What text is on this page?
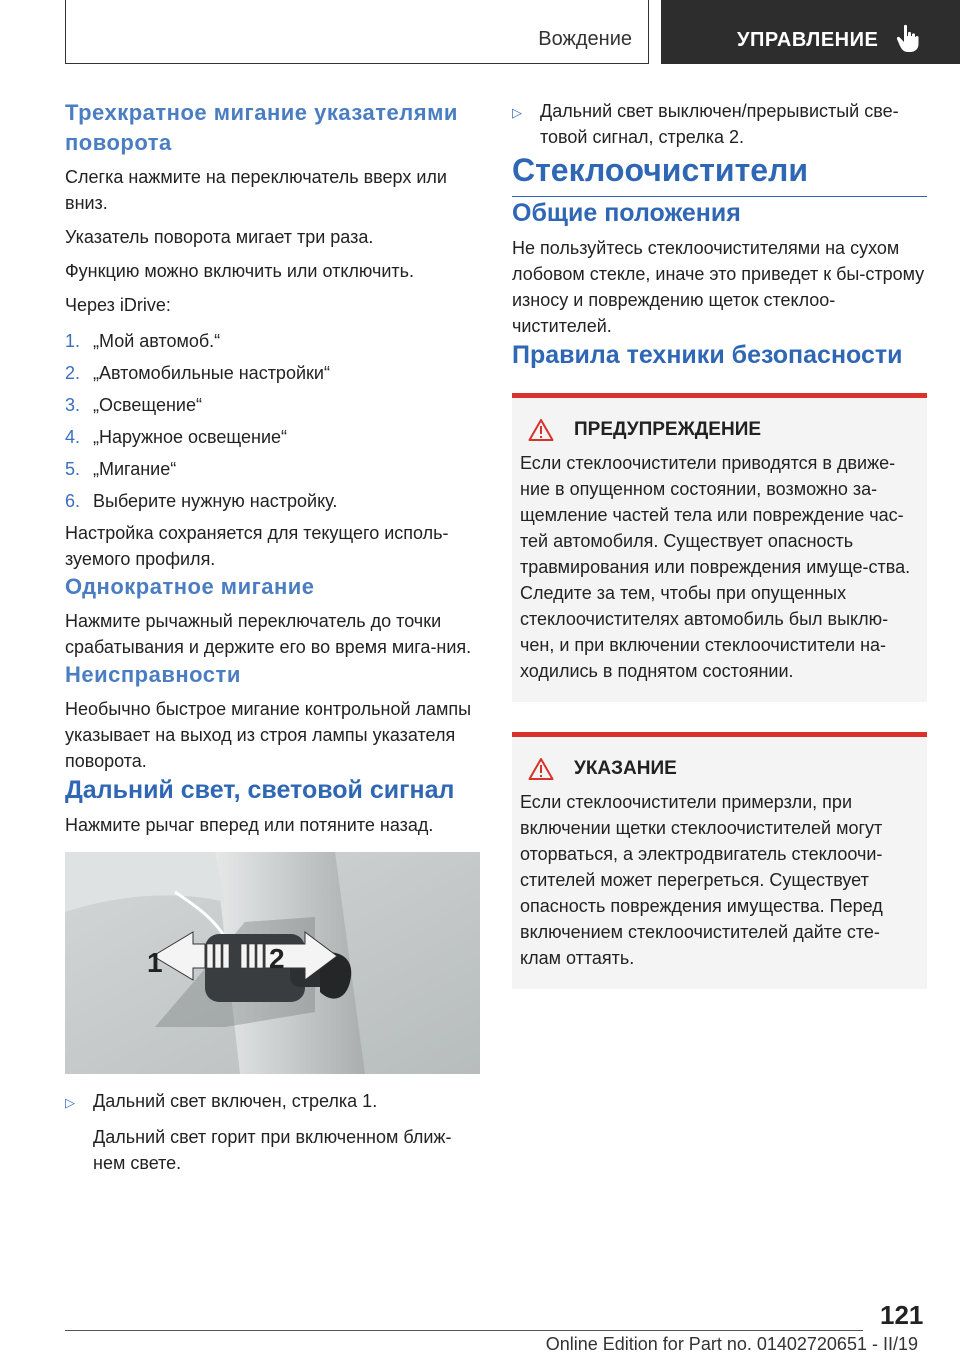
Вождение	УПРАВЛЕНИЕ
Трехкратное мигание указателями поворота

Слегка нажмите на переключатель вверх или вниз.

Указатель поворота мигает три раза.

Функцию можно включить или отключить.

Через iDrive:

1. „Мой автомоб.“
2. „Автомобильные настройки“
3. „Освещение“
4. „Наружное освещение“
5. „Мигание“
6. Выберите нужную настройку.

Настройка сохраняется для текущего исполь-зуемого профиля.

Однократное мигание

Нажмите рычажный переключатель до точки срабатывания и держите его во время мига-ния.

Неисправности

Необычно быстрое мигание контрольной лампы указывает на выход из строя лампы указателя поворота.

Дальний свет, световой сигнал

Нажмите рычаг вперед или потяните назад.

1	2
▷	Дальний свет включен, стрелка 1.

Дальний свет горит при включенном ближ-нем свете.

▷	Дальний свет выключен/прерывистый све-товой сигнал, стрелка 2.
Стеклоочистители
Общие положения

Не пользуйтесь стеклоочистителями на сухом лобовом стекле, иначе это приведет к бы-строму износу и повреждению щеток стеклоо-чистителей.

Правила техники безопасности
ПРЕДУПРЕЖДЕНИЕ

Если стеклоочистители приводятся в движе-ние в опущенном состоянии, возможно за-щемление частей тела или повреждение час-тей автомобиля. Существует опасность травмирования или повреждения имуще-ства. Следите за тем, чтобы при опущенных стеклоочистителях автомобиль был выклю-чен, и при включении стеклоочистители на-ходились в поднятом состоянии.

УКАЗАНИЕ

Если стеклоочистители примерзли, при включении щетки стеклоочистителей могут оторваться, а электродвигатель стеклоочи-стителей может перегреться. Существует опасность повреждения имущества. Перед включением стеклоочистителей дайте сте-клам оттаять.

121
Online Edition for Part no. 01402720651 - II/19
